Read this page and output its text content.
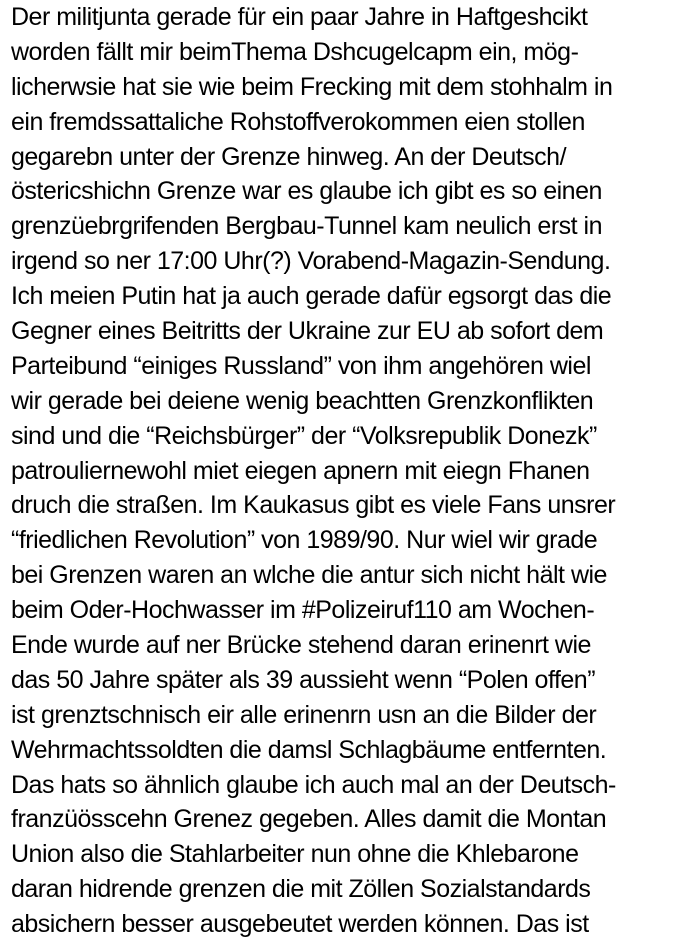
Der militjunta gerade für ein paar Jahre in Haftgeshcikt
worden fällt mir beimThema Dshcugelcapm ein, mög-
licherwsie hat sie wie beim Frecking mit dem stohhalm in
ein fremdssattaliche Rohstoffverokommen eien stollen
gegarebn unter der Grenze hinweg. An der Deutsch/
östericshichn Grenze war es glaube ich gibt es so einen
grenzüebrgrifenden Bergbau-Tunnel kam neulich erst in
irgend so ner 17:00 Uhr(?) Vorabend-Magazin-Sendung.
Ich meien Putin hat ja auch gerade dafür egsorgt das die
Gegner eines Beitritts der Ukraine zur EU ab sofort dem
Parteibund “einiges Russland” von ihm angehören wiel
wir gerade bei deiene wenig beachtten Grenzkonflikten
sind und die “Reichsbürger” der “Volksrepublik Donezk”
patrouliernewohl miet eiegen apnern mit eiegn Fhanen
druch die straßen. Im Kaukasus gibt es viele Fans unsrer
“friedlichen Revolution” von 1989/90. Nur wiel wir grade
bei Grenzen waren an wlche die antur sich nicht hält wie
beim Oder-Hochwasser im #Polizeiruf110 am Wochen-
Ende wurde auf ner Brücke stehend daran erinenrt wie
das 50 Jahre später als 39 aussieht wenn “Polen offen”
ist grenztschnisch eir alle erinenrn usn an die Bilder der
Wehrmachtssoldten die damsl Schlagbäume entfernten.
Das hats so ähnlich glaube ich auch mal an der Deutsch-
franzüösscehn Grenez gegeben. Alles damit die Montan
Union also die Stahlarbeiter nun ohne die Khlebarone
daran hidrende grenzen die mit Zöllen Sozialstandards
absichern besser ausgebeutet werden können. Das ist
